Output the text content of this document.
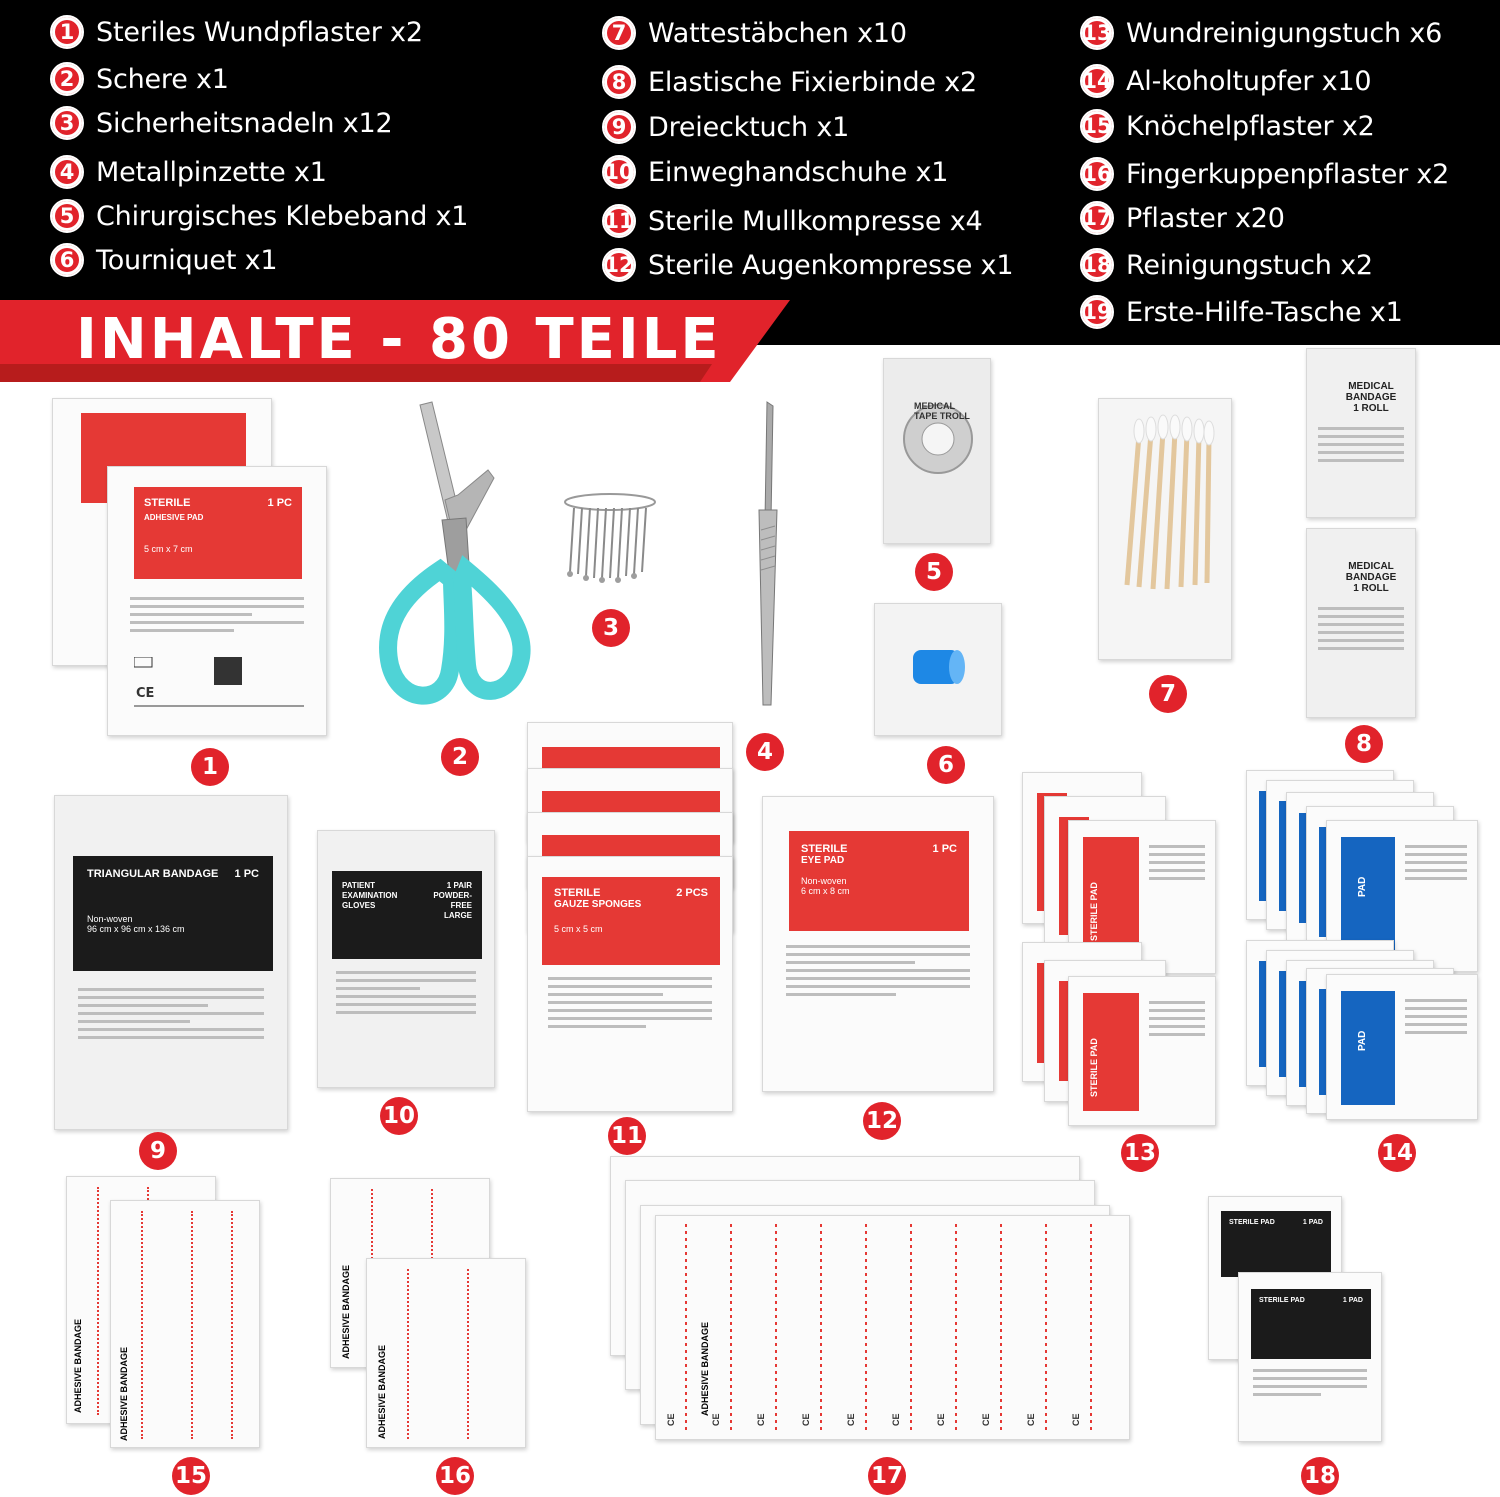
1 Steriles Wundpflaster x2
2 Schere x1
3 Sicherheitsnadeln x12
4 Metallpinzette x1
5 Chirurgisches Klebeband x1
6 Tourniquet x1
7 Wattestäbchen x10
8 Elastische Fixierbinde x2
9 Dreiecktuch x1
10 Einweghandschuhe x1
11 Sterile Mullkompresse x4
12 Sterile Augenkompresse x1
13 Wundreinigungstuch x6
14 Al-koholtupfer x10
15 Knöchelpflaster x2
16 Fingerkuppenpflaster x2
17 Pflaster x20
18 Reinigungstuch x2
19 Erste-Hilfe-Tasche x1
INHALTE - 80 TEILE
STERILE	1 PC
ADHESIVE PAD
5 cm x 7 cm
CE
1	2
3
4
MEDICAL TAPE TROLL
5
6
7
MEDICAL BANDAGE
1 ROLL
MEDICAL BANDAGE
1 ROLL
8
TRIANGULAR BANDAGE 1 PC
Non-woven
96 cm x 96 cm x 136 cm
9
PATIENT EXAMINATION GLOVES
1 PAIR
POWDER-FREE
LARGE
10
STERILE	2 PCS
GAUZE SPONGES
5 cm x 5 cm
11
STERILE	1 PC
EYE PAD
Non-woven
6 cm x 8 cm
12
STERILE PAD
STERILE PAD
13
PAD
PAD
14
ADHESIVE BANDAGE	ADHESIVE BANDAGE
15
ADHESIVE BANDAGE
ADHESIVE BANDAGE
16
CE	CE	CE	CE	CE	CE	CE	CE	CE	CE
ADHESIVE BANDAGE
17
STERILE PAD	1 PAD
STERILE PAD	1 PAD
18
